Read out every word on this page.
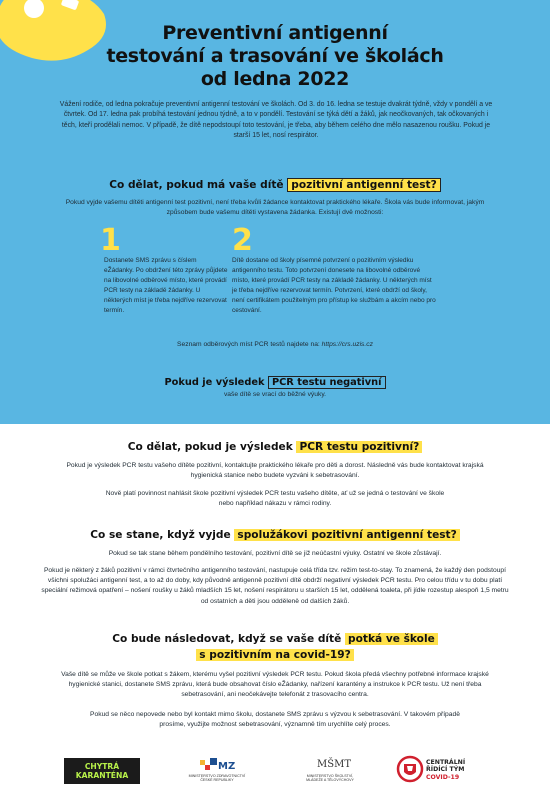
Preventivní antigenní
testování a trasování ve školách
od ledna 2022
Vážení rodiče, od ledna pokračuje preventivní antigenní testování ve školách. Od 3. do 16. ledna se testuje dvakrát týdně, vždy v pondělí a ve čtvrtek. Od 17. ledna pak probíhá testování jednou týdně, a to v pondělí. Testování se týká dětí a žáků, jak neočkovaných, tak očkovaných i těch, kteří prodělali nemoc. V případě, že dítě nepodstoupí toto testování, je třeba, aby během celého dne mělo nasazenou roušku. Pokud je starší 15 let, nosí respirátor.
Co dělat, pokud má vaše dítě pozitivní antigenní test?
Pokud vyjde vašemu dítěti antigenní test pozitivní, není třeba kvůli žádance kontaktovat praktického lékaře. Škola vás bude informovat, jakým způsobem bude vašemu dítěti vystavena žádanka. Existují dvě možnosti:
1
Dostanete SMS zprávu s číslem eŽádanky. Po obdržení této zprávy půjdete na libovolné odběrové místo, které provádí PCR testy na základě žádanky. U některých míst je třeba nejdříve rezervovat termín.
2
Dítě dostane od školy písemné potvrzení o pozitivním výsledku antigenního testu. Toto potvrzení donesete na libovolné odběrové místo, které provádí PCR testy na základě žádanky. U některých míst je třeba nejdříve rezervovat termín. Potvrzení, které obdrží od školy, není certifikátem použitelným pro přístup ke službám a akcím nebo pro cestování.
Seznam odběrových míst PCR testů najdete na: https://crs.uzis.cz
Pokud je výsledek PCR testu negativní
vaše dítě se vrací do běžné výuky.
Co dělat, pokud je výsledek PCR testu pozitivní?
Pokud je výsledek PCR testu vašeho dítěte pozitivní, kontaktujte praktického lékaře pro děti a dorost. Následně vás bude kontaktovat krajská hygienická stanice nebo budete vyzváni k sebetrasování.
Nově platí povinnost nahlásit škole pozitivní výsledek PCR testu vašeho dítěte, ať už se jedná o testování ve škole nebo například nákazu v rámci rodiny.
Co se stane, když vyjde spolužákovi pozitivní antigenní test?
Pokud se tak stane během pondělního testování, pozitivní dítě se již neúčastní výuky. Ostatní ve škole zůstávají.
Pokud je některý z žáků pozitivní v rámci čtvrtečního antigenního testování, nastupuje celá třída tzv. režim test-to-stay. To znamená, že každý den podstoupí všichni spolužáci antigenní test, a to až do doby, kdy původně antigenně pozitivní dítě obdrží negativní výsledek PCR testu. Pro celou třídu v tu dobu platí speciální režimová opatření – nošení roušky u žáků mladších 15 let, nošení respirátoru u starších 15 let, oddělená toaleta, při jídle rozestup alespoň 1,5 metru od ostatních a děti jsou odděleně od dalších žáků.
Co bude následovat, když se vaše dítě potká ve škole
s pozitivním na covid-19?
Vaše dítě se může ve škole potkat s žákem, kterému vyšel pozitivní výsledek PCR testu. Pokud škola předá všechny potřebné informace krajské hygienické stanici, dostanete SMS zprávu, která bude obsahovat číslo eŽádanky, nařízení karantény a instrukce k PCR testu. Už není třeba sebetrasování, ani neočekávejte telefonát z trasovacího centra.
Pokud se něco nepovede nebo byl kontakt mimo školu, dostanete SMS zprávu s výzvou k sebetrasování. V takovém případě prosíme, využijte možnost sebetrasování, významně tím urychlíte celý proces.
CHYTRÁ
KARANTÉNA
MZ
MINISTERSTVO ZDRAVOTNICTVÍ ČESKÉ REPUBLIKY
MŠMT
MINISTERSTVO ŠKOLSTVÍ, MLÁDEŽE A TĚLOVÝCHOVY
CENTRÁLNÍ
ŘÍDÍCÍ TÝM
COVID-19
